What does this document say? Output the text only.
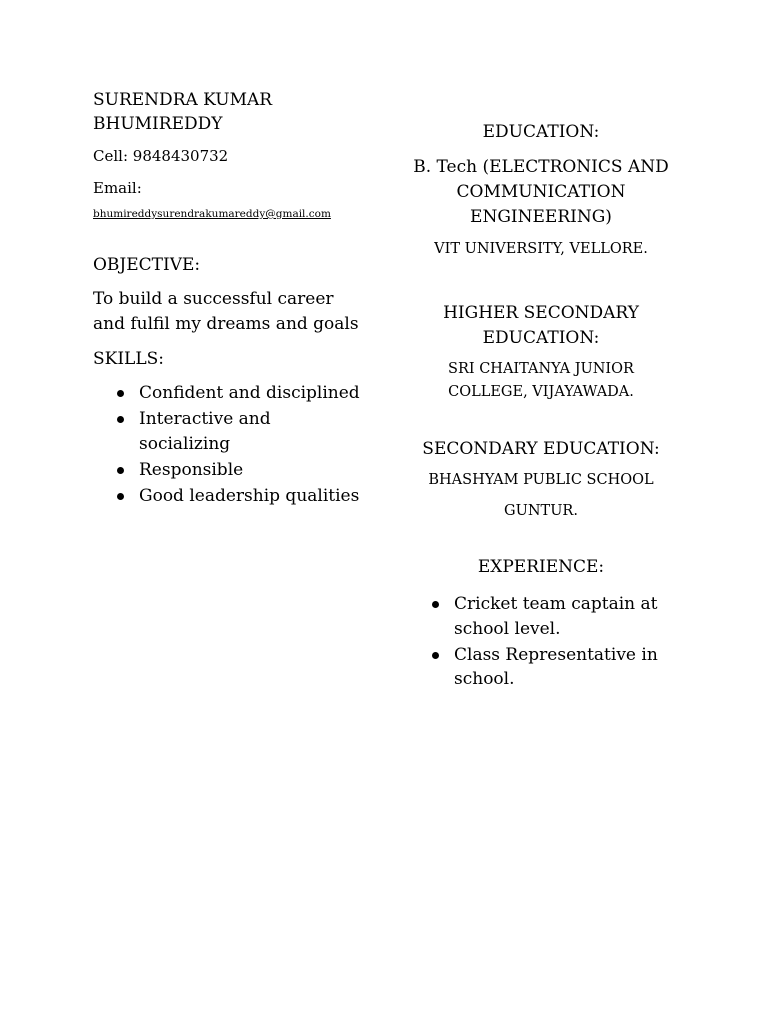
SURENDRA KUMAR
BHUMIREDDY

Cell: 9848430732

Email:

bhumireddysurendrakumareddy@gmail.com

OBJECTIVE:

To build a successful career and fulfil my dreams and goals

SKILLS:
Confident and disciplined
Interactive and socializing
Responsible
Good leadership qualities
EDUCATION:

B. Tech (ELECTRONICS AND COMMUNICATION ENGINEERING)

VIT UNIVERSITY, VELLORE.

HIGHER SECONDARY EDUCATION:

SRI CHAITANYA JUNIOR COLLEGE, VIJAYAWADA.

SECONDARY EDUCATION:

BHASHYAM PUBLIC SCHOOL

GUNTUR.

EXPERIENCE:
Cricket team captain at school level.
Class Representative in school.
